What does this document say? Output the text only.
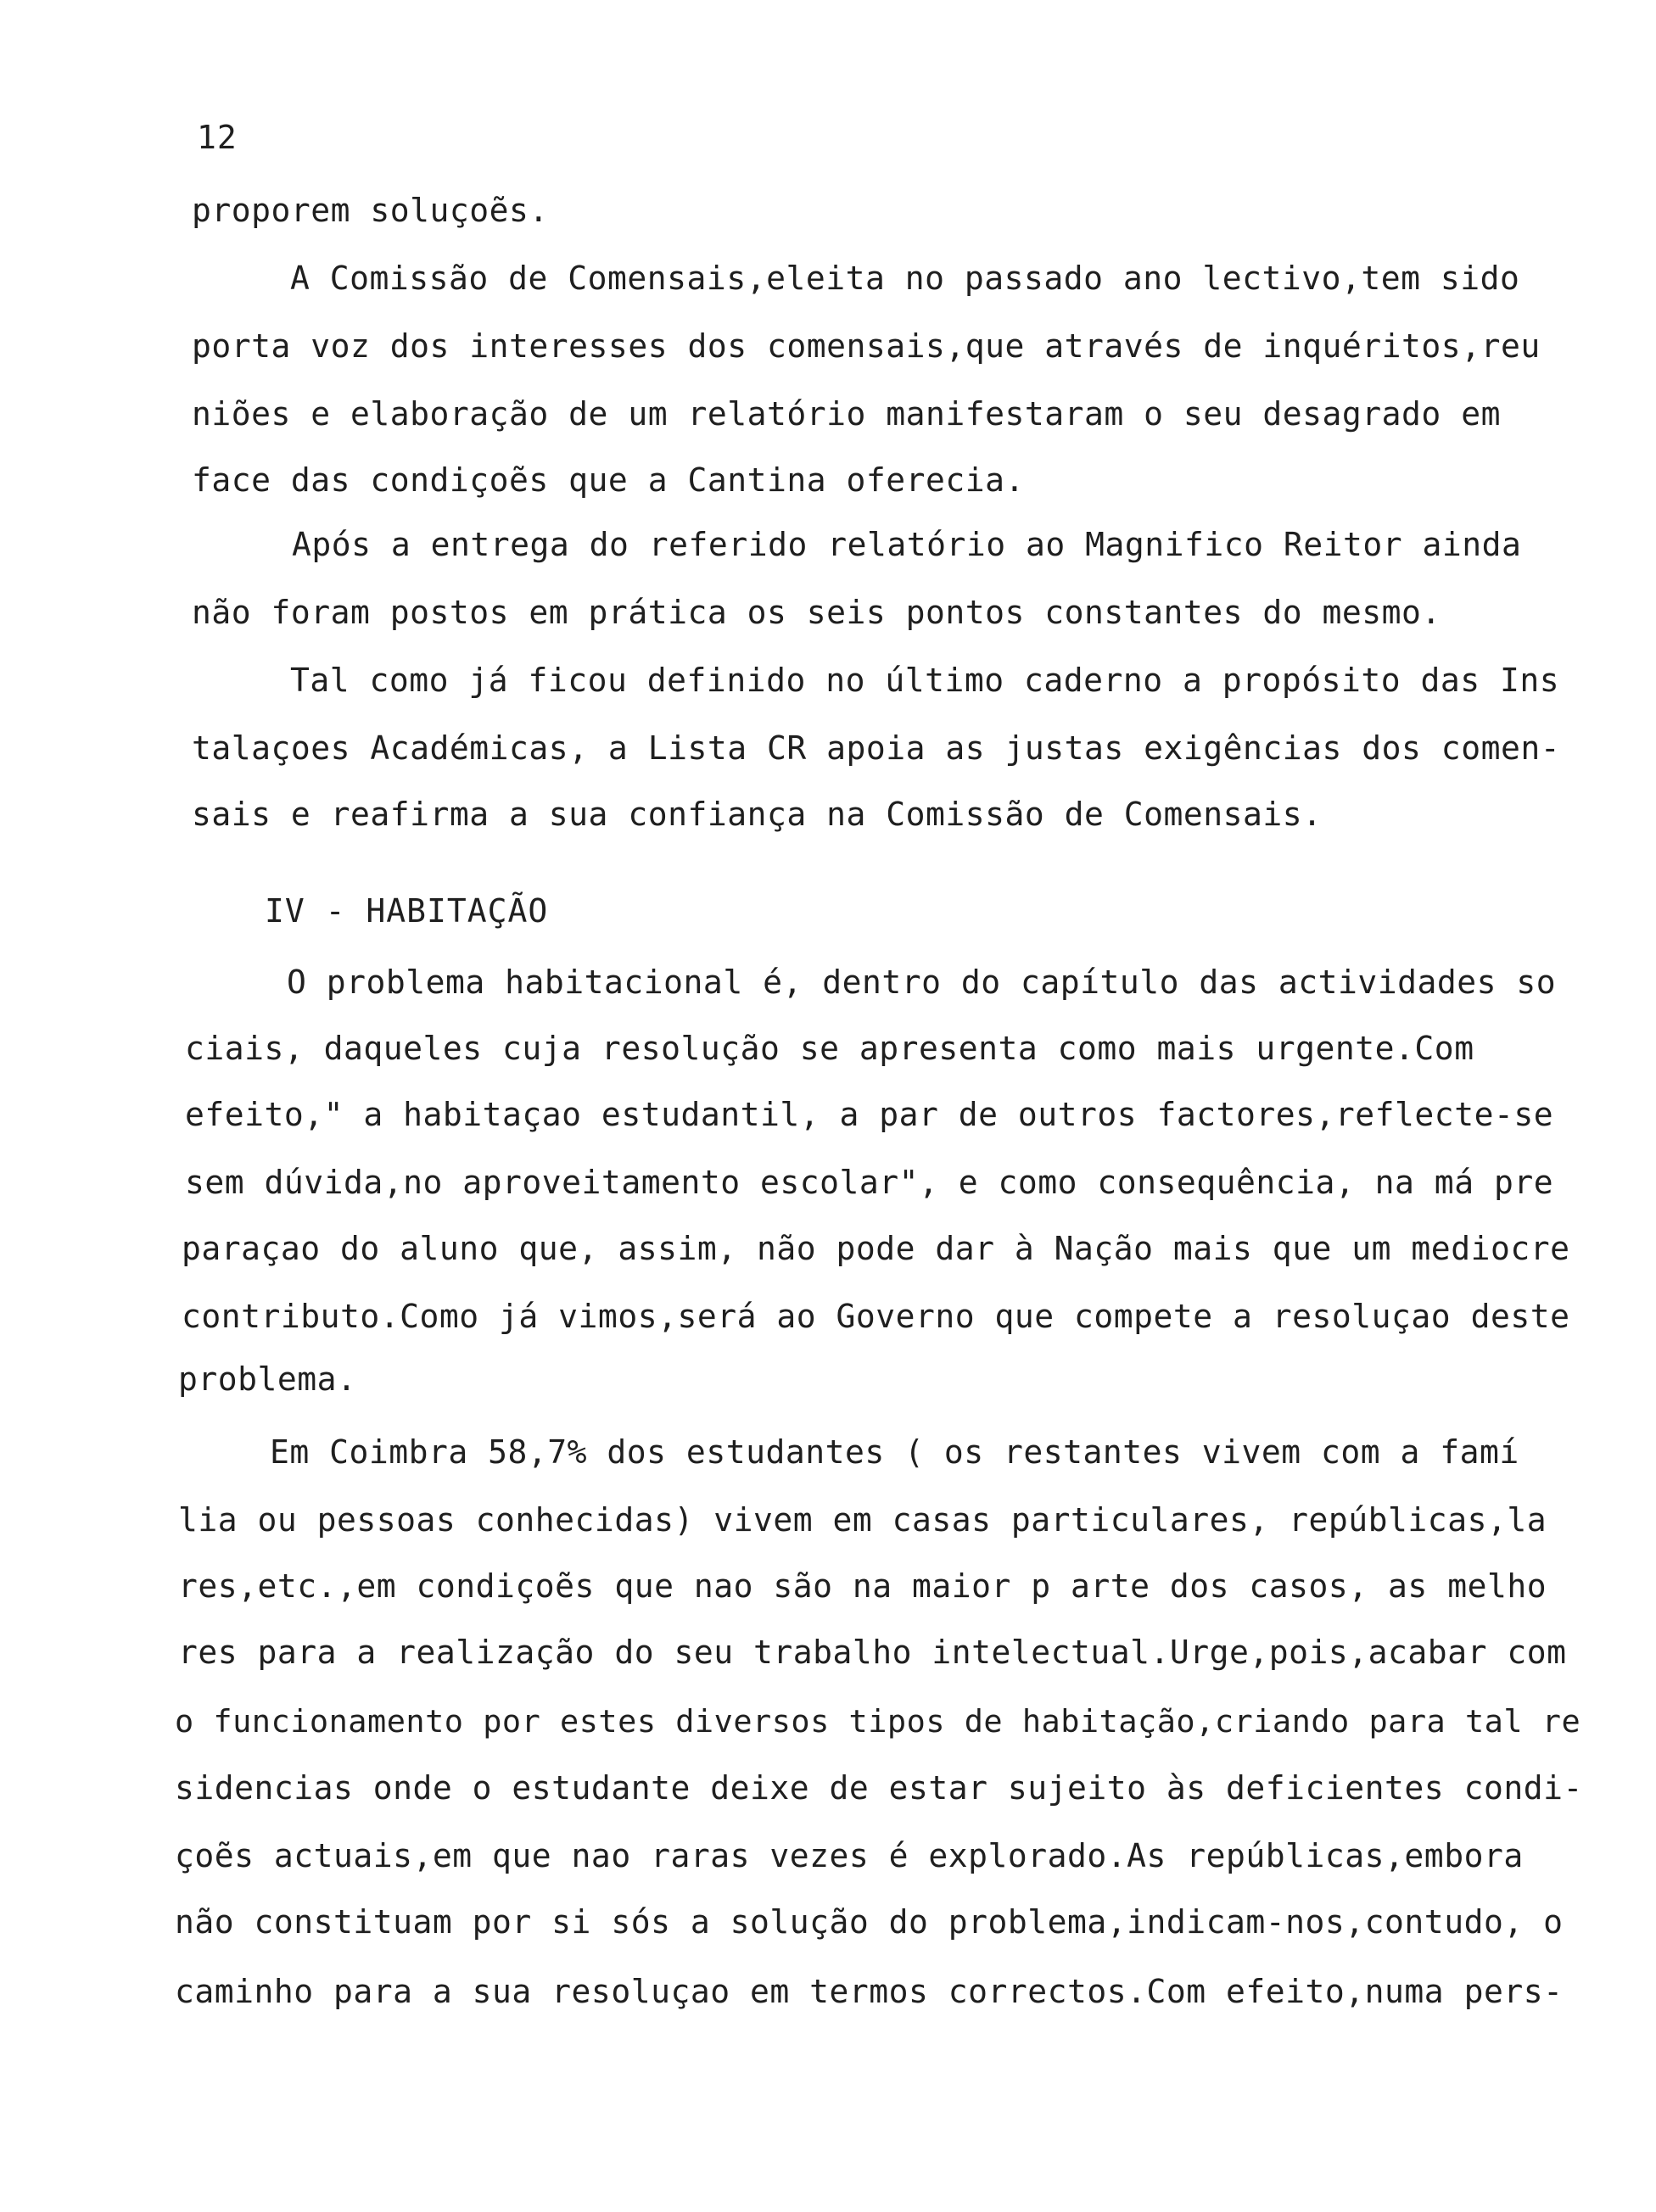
12
proporem soluçoẽs.
A Comissão de Comensais,eleita no passado ano lectivo,tem sido
porta voz dos interesses dos comensais,que através de inquéritos,reu
niões e elaboração de um relatório manifestaram o seu desagrado em
face das condiçoẽs que a Cantina oferecia.
Após a entrega do referido relatório ao Magnifico Reitor ainda
não foram postos em prática os seis pontos constantes do mesmo.
Tal como já ficou definido no último caderno a propósito das Ins
talaçoes Académicas, a Lista CR apoia as justas exigências dos comen-
sais e reafirma a sua confiança na Comissão de Comensais.
IV - HABITAÇÃO
O problema habitacional é, dentro do capítulo das actividades so
ciais, daqueles cuja resolução se apresenta como mais urgente.Com
efeito," a habitaçao estudantil, a par de outros factores,reflecte-se
sem dúvida,no aproveitamento escolar", e como consequência, na má pre
paraçao do aluno que, assim, não pode dar à Nação mais que um mediocre
contributo.Como já vimos,será ao Governo que compete a resoluçao deste
problema.
Em Coimbra 58,7% dos estudantes ( os restantes vivem com a famí
lia ou pessoas conhecidas) vivem em casas particulares, repúblicas,la
res,etc.,em condiçoẽs que nao são na maior p arte dos casos, as melho
res para a realização do seu trabalho intelectual.Urge,pois,acabar com
o funcionamento por estes diversos tipos de habitação,criando para tal re
sidencias onde o estudante deixe de estar sujeito às deficientes condi-
çoẽs actuais,em que nao raras vezes é explorado.As repúblicas,embora
não constituam por si sós a solução do problema,indicam-nos,contudo, o
caminho para a sua resoluçao em termos correctos.Com efeito,numa pers-
